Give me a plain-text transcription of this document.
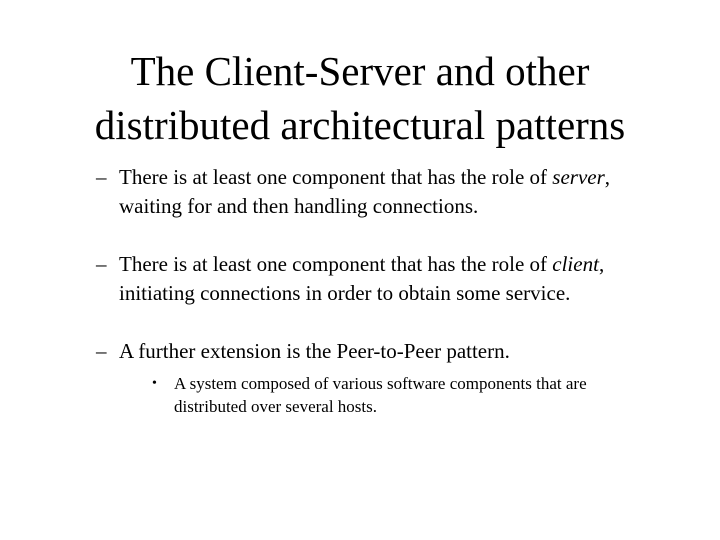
The Client-Server and other
distributed architectural patterns
– There is at least one component that has the role of server, waiting for and then handling connections.
– There is at least one component that has the role of client, initiating connections in order to obtain some service.
– A further extension is the Peer-to-Peer pattern.
• A system composed of various software components that are distributed over several hosts.
